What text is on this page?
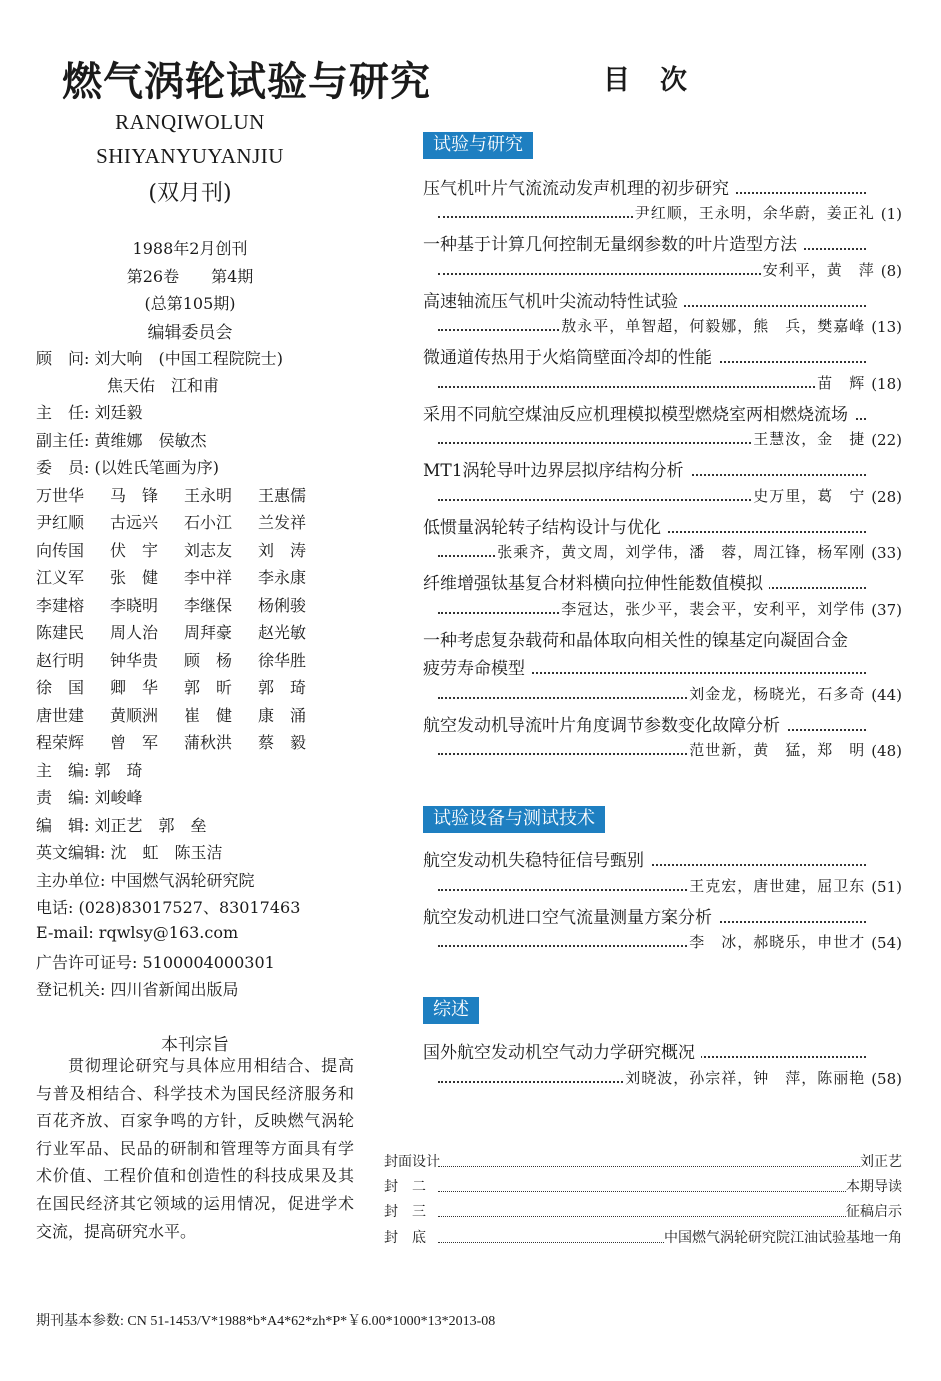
燃气涡轮试验与研究
RANQIWOLUN
SHIYANYUYANJIU
(双月刊)
1988年2月创刊
第26卷　　第4期
(总第105期)
编辑委员会
顾　问: 刘大响　(中国工程院院士)
焦天佑　江和甫
主　任: 刘廷毅
副主任: 黄维娜　侯敏杰
委　员: (以姓氏笔画为序)
万世华 马　锋 王永明 王惠儒
尹红顺 古远兴 石小江 兰发祥
向传国 伏　宇 刘志友 刘　涛
江义军 张　健 李中祥 李永康
李建榕 李晓明 李继保 杨俐骏
陈建民 周人治 周拜豪 赵光敏
赵行明 钟华贵 顾　杨 徐华胜
徐　国 卿　华 郭　昕 郭　琦
唐世建 黄顺洲 崔　健 康　涌
程荣辉 曾　军 蒲秋洪 蔡　毅
主　编: 郭　琦
责　编: 刘峻峰
编　辑: 刘正艺　郭　垒
英文编辑: 沈　虹　陈玉洁
主办单位: 中国燃气涡轮研究院
电话: (028)83017527、83017463
E-mail: rqwlsy@163.com
广告许可证号: 5100004000301
登记机关: 四川省新闻出版局
本刊宗旨
贯彻理论研究与具体应用相结合、提高与普及相结合、科学技术为国民经济服务和百花齐放、百家争鸣的方针，反映燃气涡轮行业军品、民品的研制和管理等方面具有学术价值、工程价值和创造性的科技成果及其在国民经济其它领域的运用情况，促进学术交流，提高研究水平。
期刊基本参数: CN 51-1453/V*1988*b*A4*62*zh*P*￥6.00*1000*13*2013-08
目次
试验与研究
压气机叶片气流流动发声机理的初步研究
尹红顺，王永明，余华蔚，姜正礼 (1)
一种基于计算几何控制无量纲参数的叶片造型方法
安利平，黄　萍 (8)
高速轴流压气机叶尖流动特性试验
敖永平，单智超，何毅娜，熊　兵，樊嘉峰 (13)
微通道传热用于火焰筒壁面冷却的性能
苗　辉 (18)
采用不同航空煤油反应机理模拟模型燃烧室两相燃烧流场
王慧汝，金　捷 (22)
MT1涡轮导叶边界层拟序结构分析
史万里，葛　宁 (28)
低惯量涡轮转子结构设计与优化
张乘齐，黄文周，刘学伟，潘　蓉，周江锋，杨军刚 (33)
纤维增强钛基复合材料横向拉伸性能数值模拟
李冠达，张少平，裴会平，安利平，刘学伟 (37)
一种考虑复杂载荷和晶体取向相关性的镍基定向凝固合金
疲劳寿命模型
刘金龙，杨晓光，石多奇 (44)
航空发动机导流叶片角度调节参数变化故障分析
范世新，黄　猛，郑　明 (48)
试验设备与测试技术
航空发动机失稳特征信号甄别
王克宏，唐世建，屈卫东 (51)
航空发动机进口空气流量测量方案分析
李　冰，郝晓乐，申世才 (54)
综述
国外航空发动机空气动力学研究概况
刘晓波，孙宗祥，钟　萍，陈丽艳 (58)
封面设计	刘正艺
封　二	本期导读
封　三	征稿启示
封　底	中国燃气涡轮研究院江油试验基地一角
